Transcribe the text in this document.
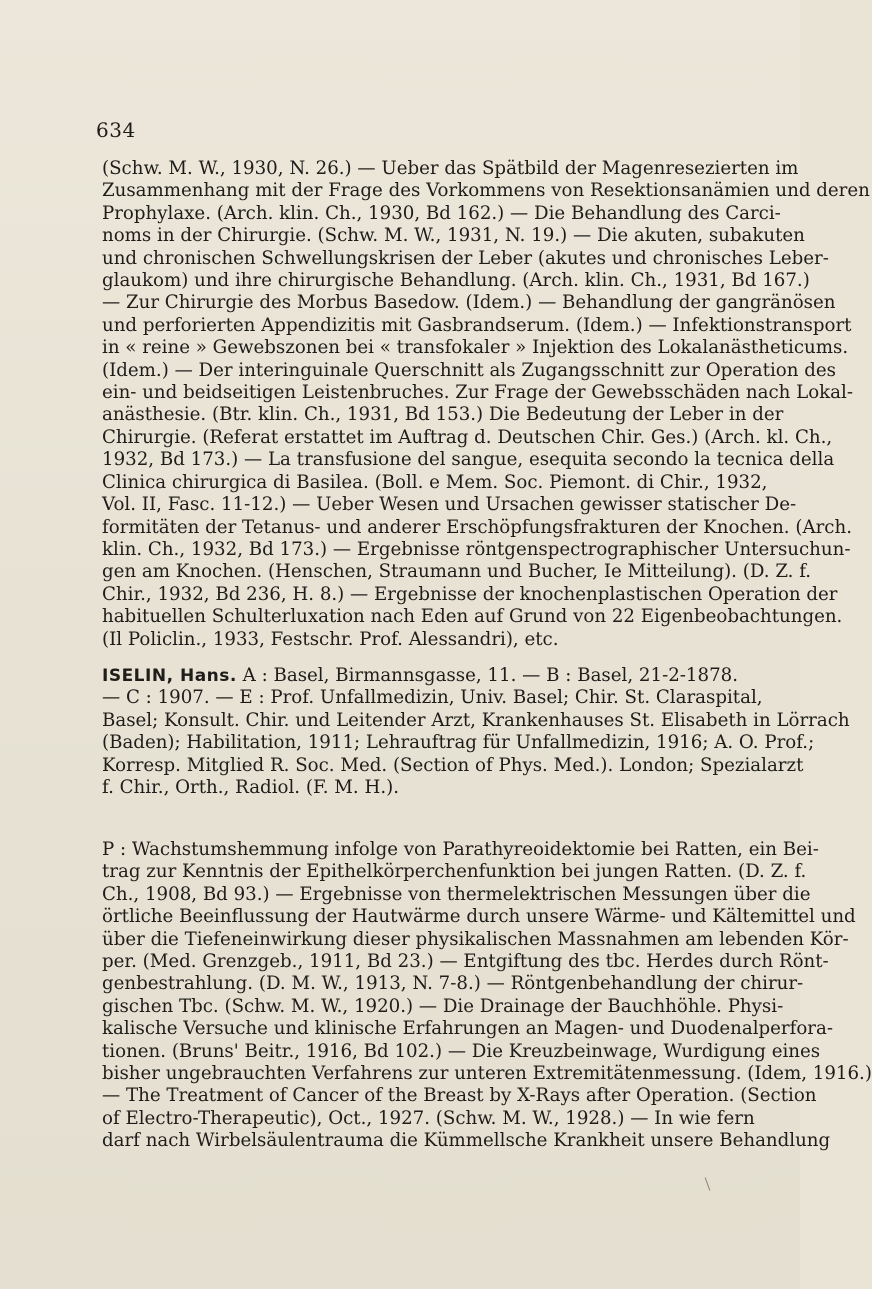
634
(Schw. M. W., 1930, N. 26.) — Ueber das Spätbild der Magenresezierten im
Zusammenhang mit der Frage des Vorkommens von Resektionsanämien und deren
Prophylaxe. (Arch. klin. Ch., 1930, Bd 162.) — Die Behandlung des Carci-
noms in der Chirurgie. (Schw. M. W., 1931, N. 19.) — Die akuten, subakuten
und chronischen Schwellungskrisen der Leber (akutes und chronisches Leber-
glaukom) und ihre chirurgische Behandlung. (Arch. klin. Ch., 1931, Bd 167.)
— Zur Chirurgie des Morbus Basedow. (Idem.) — Behandlung der gangränösen
und perforierten Appendizitis mit Gasbrandserum. (Idem.) — Infektionstransport
in « reine » Gewebszonen bei « transfokaler » Injektion des Lokalanästheticums.
(Idem.) — Der interinguinale Querschnitt als Zugangsschnitt zur Operation des
ein- und beidseitigen Leistenbruches. Zur Frage der Gewebsschäden nach Lokal-
anästhesie. (Btr. klin. Ch., 1931, Bd 153.) Die Bedeutung der Leber in der
Chirurgie. (Referat erstattet im Auftrag d. Deutschen Chir. Ges.) (Arch. kl. Ch.,
1932, Bd 173.) — La transfusione del sangue, esequita secondo la tecnica della
Clinica chirurgica di Basilea. (Boll. e Mem. Soc. Piemont. di Chir., 1932,
Vol. II, Fasc. 11-12.) — Ueber Wesen und Ursachen gewisser statischer De-
formitäten der Tetanus- und anderer Erschöpfungsfrakturen der Knochen. (Arch.
klin. Ch., 1932, Bd 173.) — Ergebnisse röntgenspectrographischer Untersuchun-
gen am Knochen. (Henschen, Straumann und Bucher, Ie Mitteilung). (D. Z. f.
Chir., 1932, Bd 236, H. 8.) — Ergebnisse der knochenplastischen Operation der
habituellen Schulterluxation nach Eden auf Grund von 22 Eigenbeobachtungen.
(Il Policlin., 1933, Festschr. Prof. Alessandri), etc.
ISELIN, Hans. A : Basel, Birmannsgasse, 11. — B : Basel, 21-2-1878.
— C : 1907. — E : Prof. Unfallmedizin, Univ. Basel; Chir. St. Claraspital,
Basel; Konsult. Chir. und Leitender Arzt, Krankenhauses St. Elisabeth in Lörrach
(Baden); Habilitation, 1911; Lehrauftrag für Unfallmedizin, 1916; A. O. Prof.;
Korresp. Mitglied R. Soc. Med. (Section of Phys. Med.). London; Spezialarzt
f. Chir., Orth., Radiol. (F. M. H.).
P : Wachstumshemmung infolge von Parathyreoidektomie bei Ratten, ein Bei-
trag zur Kenntnis der Epithelkörperchenfunktion bei jungen Ratten. (D. Z. f.
Ch., 1908, Bd 93.) — Ergebnisse von thermelektrischen Messungen über die
örtliche Beeinflussung der Hautwärme durch unsere Wärme- und Kältemittel und
über die Tiefeneinwirkung dieser physikalischen Massnahmen am lebenden Kör-
per. (Med. Grenzgeb., 1911, Bd 23.) — Entgiftung des tbc. Herdes durch Rönt-
genbestrahlung. (D. M. W., 1913, N. 7-8.) — Röntgenbehandlung der chirur-
gischen Tbc. (Schw. M. W., 1920.) — Die Drainage der Bauchhöhle. Physi-
kalische Versuche und klinische Erfahrungen an Magen- und Duodenalperfora-
tionen. (Bruns' Beitr., 1916, Bd 102.) — Die Kreuzbeinwage, Wurdigung eines
bisher ungebrauchten Verfahrens zur unteren Extremitätenmessung. (Idem, 1916.)
— The Treatment of Cancer of the Breast by X-Rays after Operation. (Section
of Electro-Therapeutic), Oct., 1927. (Schw. M. W., 1928.) — In wie fern
darf nach Wirbelsäulentrauma die Kümmellsche Krankheit unsere Behandlung
